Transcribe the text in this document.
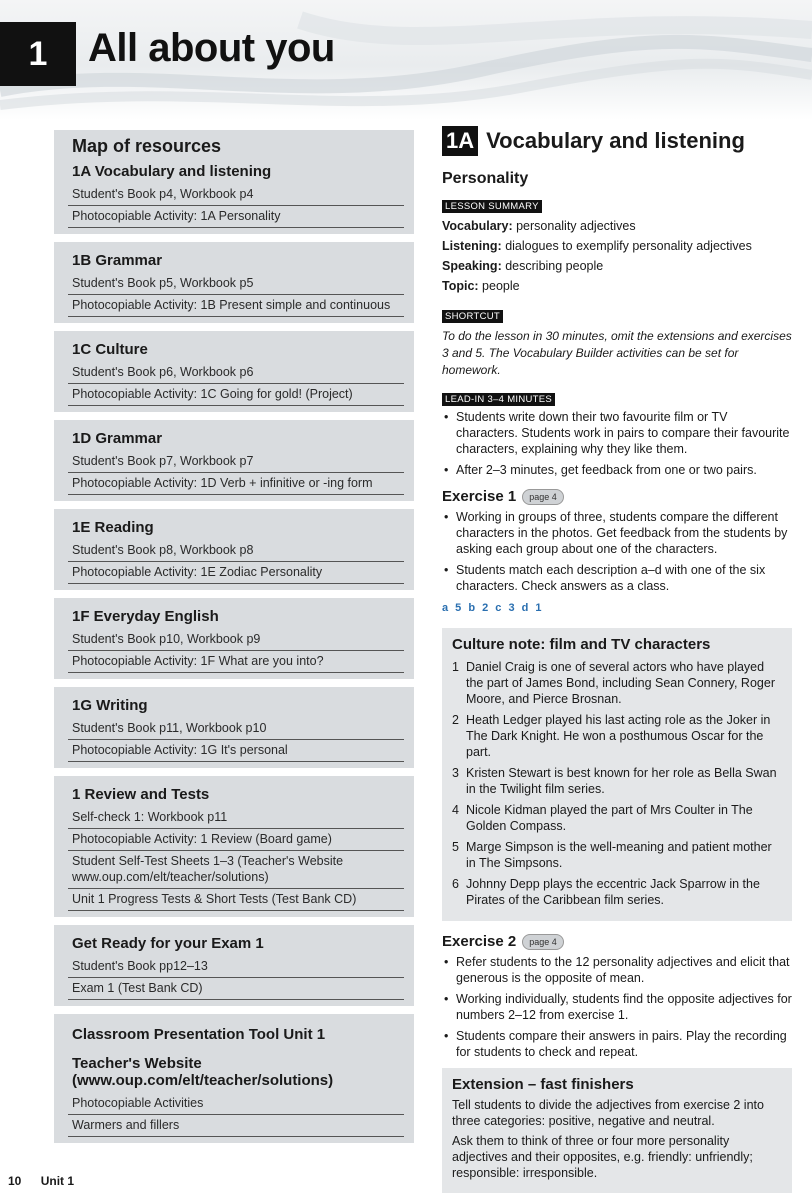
1	All about you
Map of resources
1A Vocabulary and listening
Student's Book p4, Workbook p4
Photocopiable Activity: 1A Personality
1B Grammar
Student's Book p5, Workbook p5
Photocopiable Activity: 1B Present simple and continuous
1C Culture
Student's Book p6, Workbook p6
Photocopiable Activity: 1C Going for gold! (Project)
1D Grammar
Student's Book p7, Workbook p7
Photocopiable Activity: 1D Verb + infinitive or -ing form
1E Reading
Student's Book p8, Workbook p8
Photocopiable Activity: 1E Zodiac Personality
1F Everyday English
Student's Book p10, Workbook p9
Photocopiable Activity: 1F What are you into?
1G Writing
Student's Book p11, Workbook p10
Photocopiable Activity: 1G It's personal
1 Review and Tests
Self-check 1: Workbook p11
Photocopiable Activity: 1 Review (Board game)
Student Self-Test Sheets 1–3 (Teacher's Website www.oup.com/elt/teacher/solutions)
Unit 1 Progress Tests & Short Tests (Test Bank CD)
Get Ready for your Exam 1
Student's Book pp12–13
Exam 1 (Test Bank CD)
Classroom Presentation Tool Unit 1
Teacher's Website (www.oup.com/elt/teacher/solutions)
Photocopiable Activities
Warmers and fillers
1A Vocabulary and listening
Personality
LESSON SUMMARY
Vocabulary: personality adjectives
Listening: dialogues to exemplify personality adjectives
Speaking: describing people
Topic: people
SHORTCUT
To do the lesson in 30 minutes, omit the extensions and exercises 3 and 5. The Vocabulary Builder activities can be set for homework.
LEAD-IN 3–4 MINUTES
• Students write down their two favourite film or TV characters. Students work in pairs to compare their favourite characters, explaining why they like them.
• After 2–3 minutes, get feedback from one or two pairs.
Exercise 1	page 4
• Working in groups of three, students compare the different characters in the photos. Get feedback from the students by asking each group about one of the characters.
• Students match each description a–d with one of the six characters. Check answers as a class.
a 5 b 2 c 3 d 1
Culture note: film and TV characters
1 Daniel Craig is one of several actors who have played the part of James Bond, including Sean Connery, Roger Moore, and Pierce Brosnan.
2 Heath Ledger played his last acting role as the Joker in The Dark Knight. He won a posthumous Oscar for the part.
3 Kristen Stewart is best known for her role as Bella Swan in the Twilight film series.
4 Nicole Kidman played the part of Mrs Coulter in The Golden Compass.
5 Marge Simpson is the well-meaning and patient mother in The Simpsons.
6 Johnny Depp plays the eccentric Jack Sparrow in the Pirates of the Caribbean film series.
Exercise 2	page 4
• Refer students to the 12 personality adjectives and elicit that generous is the opposite of mean.
• Working individually, students find the opposite adjectives for numbers 2–12 from exercise 1.
• Students compare their answers in pairs. Play the recording for students to check and repeat.
Extension – fast finishers
Tell students to divide the adjectives from exercise 2 into three categories: positive, negative and neutral.
Ask them to think of three or four more personality adjectives and their opposites, e.g. friendly: unfriendly; responsible: irresponsible.
10 Unit 1
